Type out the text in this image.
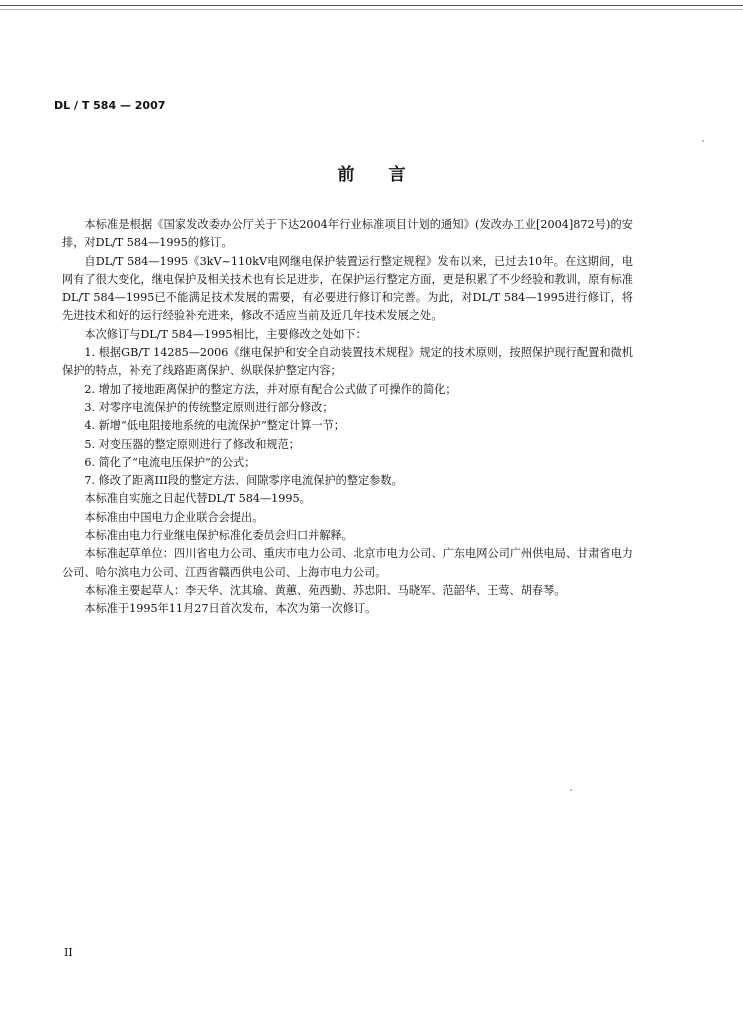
DL / T 584 — 2007
前 言

本标准是根据《国家发改委办公厅关于下达2004年行业标准项目计划的通知》(发改办工业[2004]872号)的安排，对DL/T 584—1995的修订。

自DL/T 584—1995《3kV~110kV电网继电保护装置运行整定规程》发布以来，已过去10年。在这期间，电网有了很大变化，继电保护及相关技术也有长足进步，在保护运行整定方面，更是积累了不少经验和教训，原有标准DL/T 584—1995已不能满足技术发展的需要，有必要进行修订和完善。为此，对DL/T 584—1995进行修订，将先进技术和好的运行经验补充进来，修改不适应当前及近几年技术发展之处。

本次修订与DL/T 584—1995相比，主要修改之处如下：

1. 根据GB/T 14285—2006《继电保护和安全自动装置技术规程》规定的技术原则，按照保护现行配置和微机保护的特点，补充了线路距离保护、纵联保护整定内容；

2. 增加了接地距离保护的整定方法，并对原有配合公式做了可操作的简化；

3. 对零序电流保护的传统整定原则进行部分修改；

4. 新增“低电阻接地系统的电流保护”整定计算一节；

5. 对变压器的整定原则进行了修改和规范；

6. 简化了“电流电压保护”的公式；

7. 修改了距离III段的整定方法、间隙零序电流保护的整定参数。

本标准自实施之日起代替DL/T 584—1995。

本标准由中国电力企业联合会提出。

本标准由电力行业继电保护标准化委员会归口并解释。

本标准起草单位：四川省电力公司、重庆市电力公司、北京市电力公司、广东电网公司广州供电局、甘肃省电力公司、哈尔滨电力公司、江西省赣西供电公司、上海市电力公司。

本标准主要起草人：李天华、沈其瑜、黄蕙、苑西勤、苏忠阳、马晓军、范韶华、王莺、胡春琴。

本标准于1995年11月27日首次发布，本次为第一次修订。

II
